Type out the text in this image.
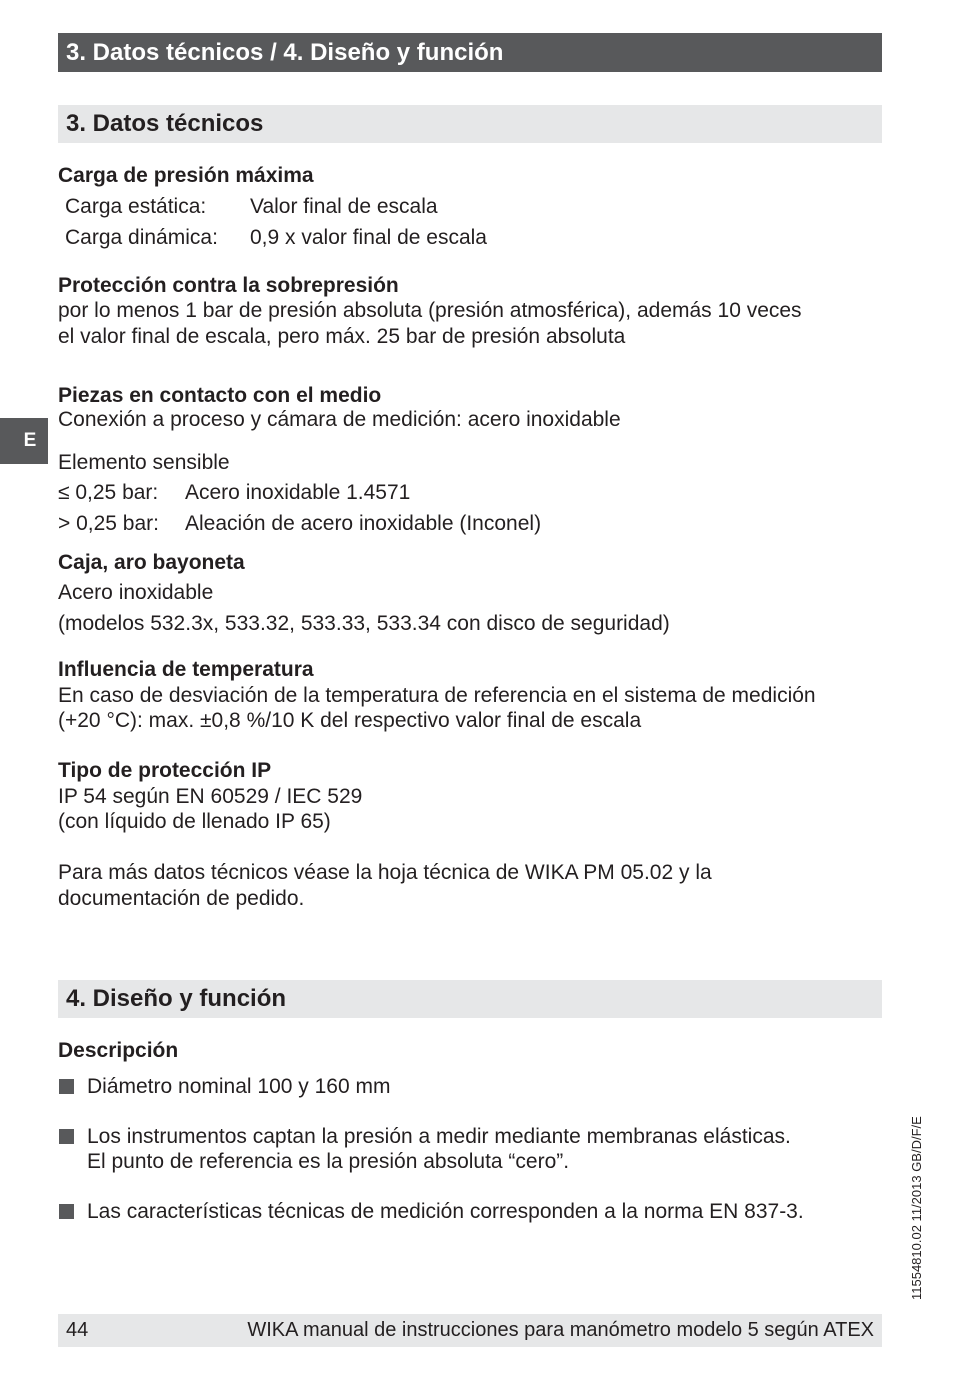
3. Datos técnicos / 4. Diseño y función
3. Datos técnicos
Carga de presión máxima
Carga estática: Valor final de escala
Carga dinámica: 0,9 x valor final de escala
Protección contra la sobrepresión
por lo menos 1 bar de presión absoluta (presión atmosférica), además 10 veces
el valor final de escala, pero máx. 25 bar de presión absoluta
E
Piezas en contacto con el medio
Conexión a proceso y cámara de medición: acero inoxidable
Elemento sensible
≤ 0,25 bar: Acero inoxidable 1.4571
> 0,25 bar: Aleación de acero inoxidable (Inconel)
Caja, aro bayoneta
Acero inoxidable
(modelos 532.3x, 533.32, 533.33, 533.34 con disco de seguridad)
Influencia de temperatura
En caso de desviación de la temperatura de referencia en el sistema de medición
(+20 °C): max. ±0,8 %/10 K del respectivo valor final de escala
Tipo de protección IP
IP 54 según EN 60529 / IEC 529
(con líquido de llenado IP 65)
Para más datos técnicos véase la hoja técnica de WIKA PM 05.02 y la
documentación de pedido.
4. Diseño y función
Descripción
Diámetro nominal 100 y 160 mm
Los instrumentos captan la presión a medir mediante membranas elásticas.
El punto de referencia es la presión absoluta “cero”.
Las características técnicas de medición corresponden a la norma EN 837-3.	11554810.02 11/2013 GB/D/F/E
44	WIKA manual de instrucciones para manómetro modelo 5 según ATEX
